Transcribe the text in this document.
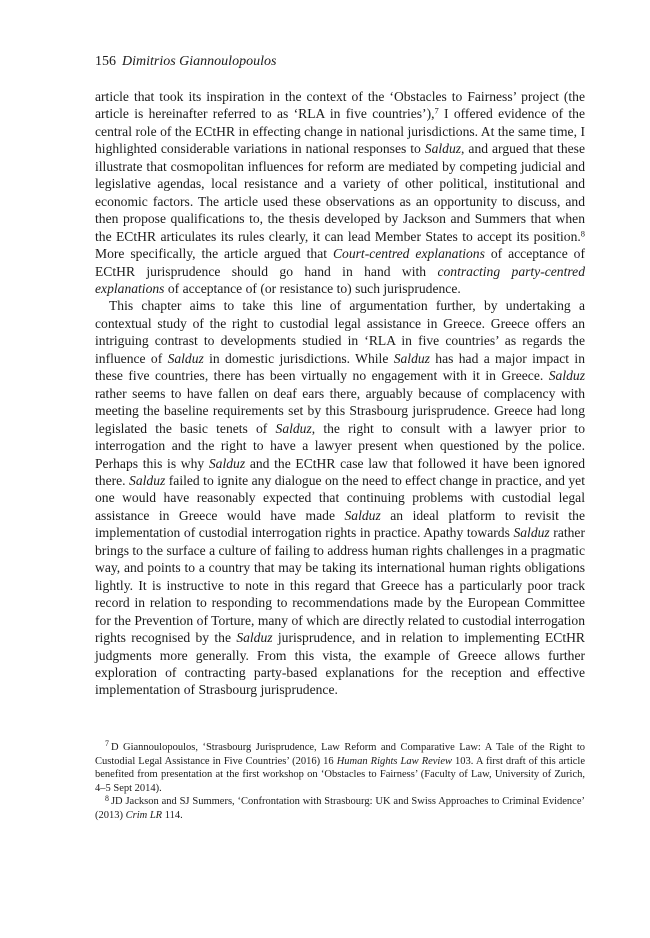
156 Dimitrios Giannoulopoulos

article that took its inspiration in the context of the ‘Obstacles to Fairness’ project (the article is hereinafter referred to as ‘RLA in five countries’),$^7$ I offered evidence of the central role of the ECtHR in effecting change in national jurisdictions. At the same time, I highlighted considerable variations in national responses to Salduz, and argued that these illustrate that cosmopolitan influences for reform are mediated by competing judicial and legislative agendas, local resistance and a variety of other political, institutional and economic factors. The article used these observations as an opportunity to discuss, and then propose qualifications to, the thesis developed by Jackson and Summers that when the ECtHR articulates its rules clearly, it can lead Member States to accept its position.$^8$ More specifically, the article argued that Court-centred explanations of acceptance of ECtHR jurisprudence should go hand in hand with contracting party-centred explanations of acceptance of (or resistance to) such jurisprudence.

This chapter aims to take this line of argumentation further, by undertaking a contextual study of the right to custodial legal assistance in Greece. Greece offers an intriguing contrast to developments studied in ‘RLA in five countries’ as regards the influence of Salduz in domestic jurisdictions. While Salduz has had a major impact in these five countries, there has been virtually no engagement with it in Greece. Salduz rather seems to have fallen on deaf ears there, arguably because of complacency with meeting the baseline requirements set by this Strasbourg jurisprudence. Greece had long legislated the basic tenets of Salduz, the right to consult with a lawyer prior to interrogation and the right to have a lawyer present when questioned by the police. Perhaps this is why Salduz and the ECtHR case law that followed it have been ignored there. Salduz failed to ignite any dialogue on the need to effect change in practice, and yet one would have reasonably expected that continuing problems with custodial legal assistance in Greece would have made Salduz an ideal platform to revisit the implementation of custodial interrogation rights in practice. Apathy towards Salduz rather brings to the surface a culture of failing to address human rights challenges in a pragmatic way, and points to a country that may be taking its international human rights obligations lightly. It is instructive to note in this regard that Greece has a particularly poor track record in relation to responding to recommendations made by the European Committee for the Prevention of Torture, many of which are directly related to custodial interrogation rights recognised by the Salduz jurisprudence, and in relation to implementing ECtHR judgments more generally. From this vista, the example of Greece allows further exploration of contracting party-based explanations for the reception and effective implementation of Strasbourg jurisprudence.

$^7$ D Giannoulopoulos, ‘Strasbourg Jurisprudence, Law Reform and Comparative Law: A Tale of the Right to Custodial Legal Assistance in Five Countries’ (2016) 16 Human Rights Law Review 103. A first draft of this article benefited from presentation at the first workshop on ‘Obstacles to Fairness’ (Faculty of Law, University of Zurich, 4–5 Sept 2014).

$^8$ JD Jackson and SJ Summers, ‘Confrontation with Strasbourg: UK and Swiss Approaches to Criminal Evidence’ (2013) Crim LR 114.
